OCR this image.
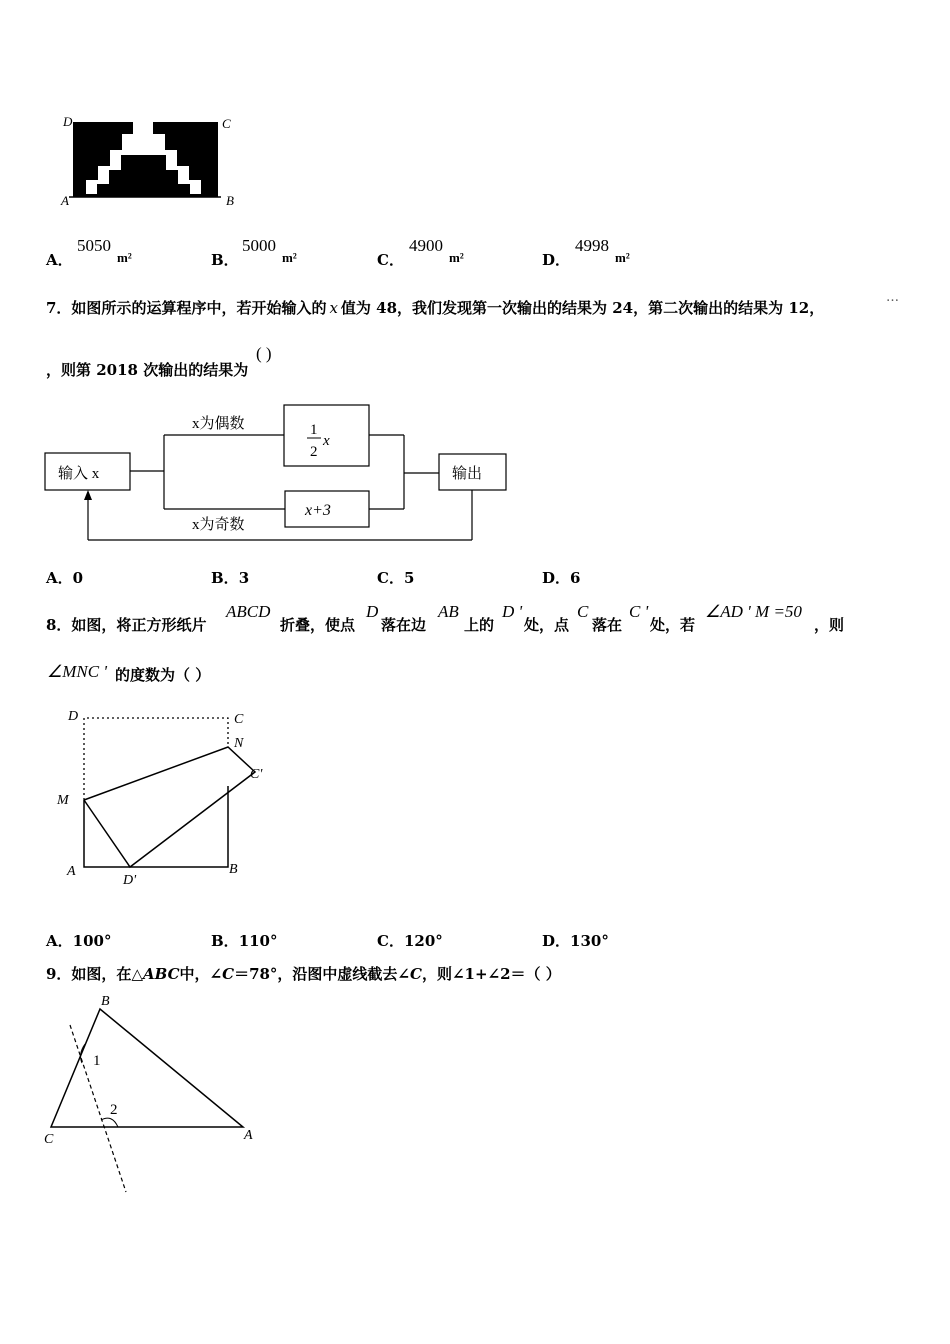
D	C
A	B
A．
5050
m²	B．
5000
m²	C．
4900
m²	D．
4998
m²
7．如图所示的运算程序中，若开始输入的 x 值为 48，我们发现第一次输出的结果为 24，第二次输出的结果为 12，
…
，则第 2018 次输出的结果为
( )
输入 x
x为偶数
x为奇数
1
2
x
x+3
输出
A．0	B．3	C．5	D．6
8．如图，将正方形纸片
ABCD
折叠，使点
D
落在边
AB
上的
D '
处，点
C
落在
C '
处，若
∠AD ' M =50
，则
∠MNC ' 的度数为（ ）
D	C
N
C'
M
A
D'
B
A．100°	B．110°	C．120°	D．130°
9．如图，在△ABC中，∠C＝78°，沿图中虚线截去∠C，则∠1+∠2＝（ ）
B
C	A
1
2
